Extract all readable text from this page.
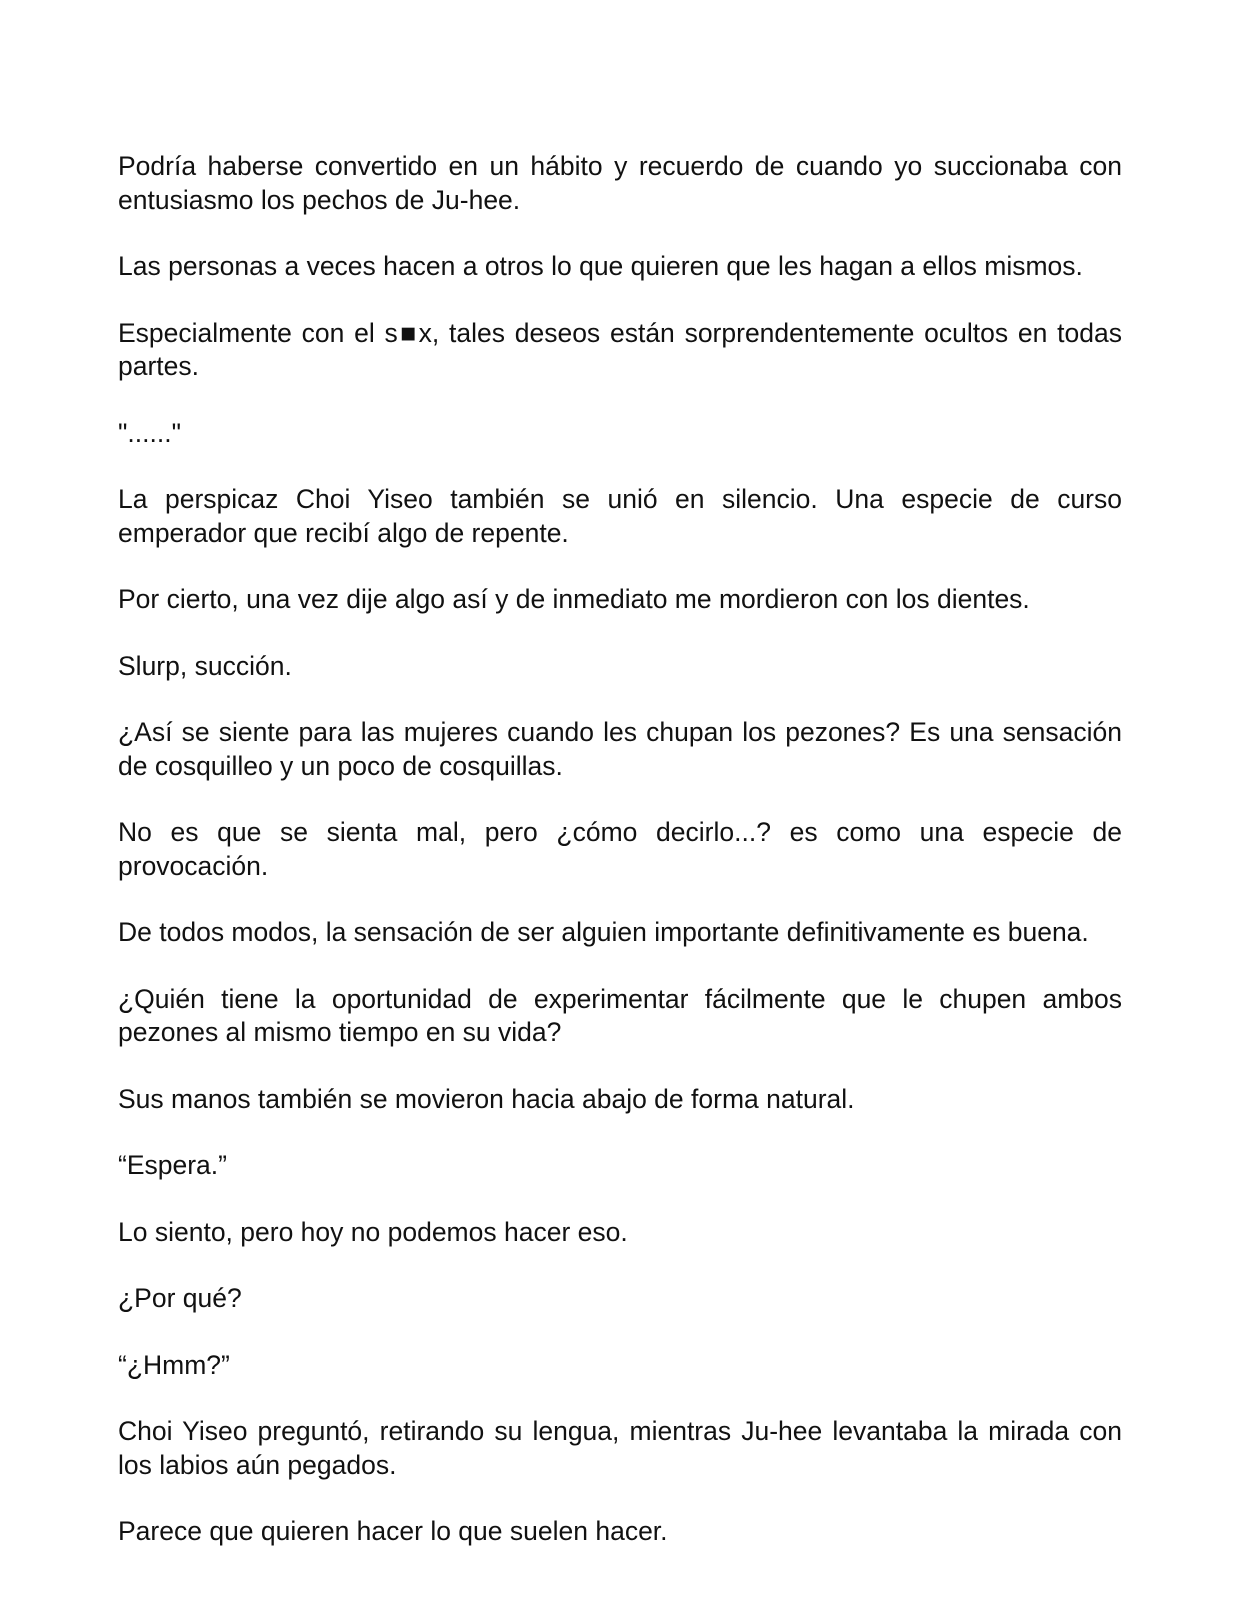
Podría haberse convertido en un hábito y recuerdo de cuando yo succionaba con entusiasmo los pechos de Ju-hee.

Las personas a veces hacen a otros lo que quieren que les hagan a ellos mismos.

Especialmente con el s■x, tales deseos están sorprendentemente ocultos en todas partes.

"......"

La perspicaz Choi Yiseo también se unió en silencio. Una especie de curso emperador que recibí algo de repente.

Por cierto, una vez dije algo así y de inmediato me mordieron con los dientes.

Slurp, succión.

¿Así se siente para las mujeres cuando les chupan los pezones? Es una sensación de cosquilleo y un poco de cosquillas.

No es que se sienta mal, pero ¿cómo decirlo...? es como una especie de provocación.

De todos modos, la sensación de ser alguien importante definitivamente es buena.

¿Quién tiene la oportunidad de experimentar fácilmente que le chupen ambos pezones al mismo tiempo en su vida?

Sus manos también se movieron hacia abajo de forma natural.

“Espera.”

Lo siento, pero hoy no podemos hacer eso.

¿Por qué?

“¿Hmm?”

Choi Yiseo preguntó, retirando su lengua, mientras Ju-hee levantaba la mirada con los labios aún pegados.

Parece que quieren hacer lo que suelen hacer.
